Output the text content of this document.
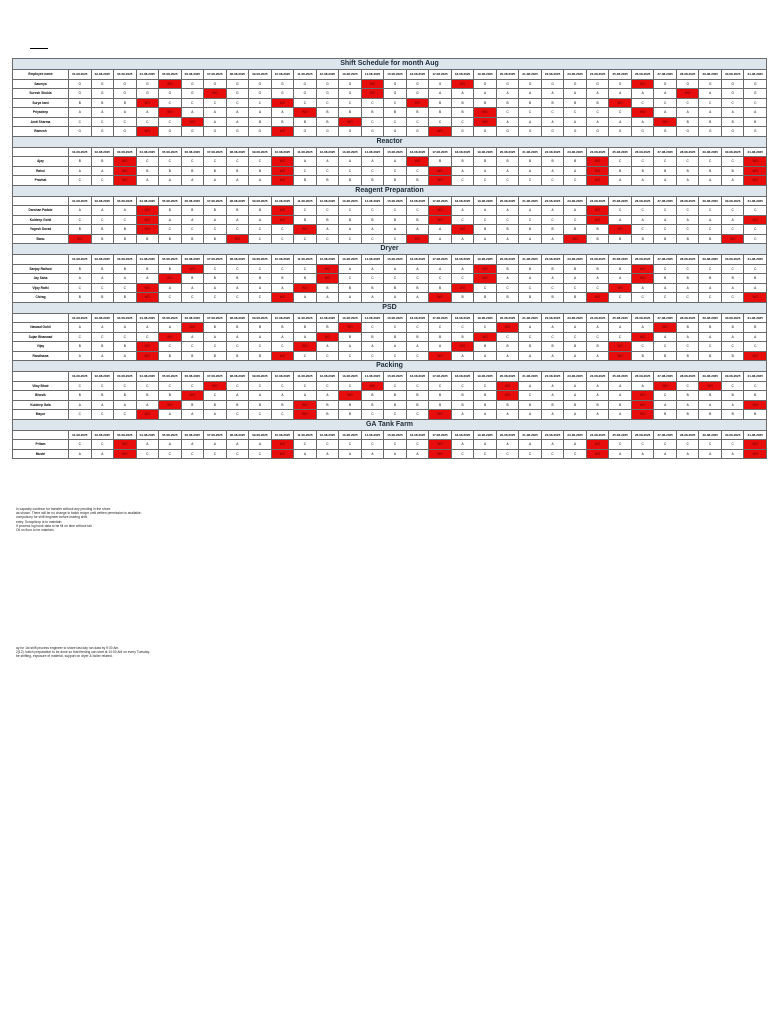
Shift Schedule for month Aug																															
Employee name	01-08-2025	02-08-2025	03-08-2025	04-08-2025	05-08-2025	06-08-2025	07-08-2025	08-08-2025	09-08-2025	10-08-2025	11-08-2025	12-08-2025	13-08-2025	14-08-2025	15-08-2025	16-08-2025	17-08-2025	18-08-2025	19-08-2025	20-08-2025	21-08-2025	22-08-2025	23-08-2025	24-08-2025	25-08-2025	26-08-2025	27-08-2025	28-08-2025	29-08-2025	30-08-2025	31-08-2025
Saumya	G	G	G	G	WO	G	G	G	G	G	G	G	G	WO	G	G	G	WO	G	G	G	G	G	G	G	WO	G	G	G	G	G
Suresh Shukla	G	G	G	G	G	G	WO	G	G	G	G	G	G	WO	G	G	A	A	A	A	A	A	A	A	A	A	A	WO	A	G	G
Surya kant	B	B	B	WO	C	C	C	C	C	WO	C	C	C	C	C	WO	B	B	B	B	B	B	B	B	WO	C	C	C	C	C	C
Priyadeep	A	A	A	A	WO	A	A	A	A	A	WO	B	B	B	B	B	B	B	WO	C	C	C	C	C	C	WO	A	A	A	A	A
Amit Sharma	C	C	C	C	C	WO	A	A	B	B	B	B	WO	C	C	C	C	C	WO	A	A	A	A	A	A	A	WO	B	B	B	B
Ramesh	G	G	G	WO	G	G	G	G	G	WO	G	G	G	G	G	G	WO	G	G	G	G	G	G	G	G	G	G	G	G	G	G
Reactor																															
	01-08-2025	02-08-2025	03-08-2025	04-08-2025	05-08-2025	06-08-2025	07-08-2025	08-08-2025	09-08-2025	10-08-2025	11-08-2025	12-08-2025	13-08-2025	14-08-2025	15-08-2025	16-08-2025	17-08-2025	18-08-2025	19-08-2025	20-08-2025	21-08-2025	22-08-2025	23-08-2025	24-08-2025	25-08-2025	26-08-2025	27-08-2025	28-08-2025	29-08-2025	30-08-2025	31-08-2025
Ajay	B	B	WO	C	C	C	C	C	C	WO	A	A	A	A	A	WO	B	B	B	B	B	B	B	WO	C	C	C	C	C	C	WO
Rahul	A	A	WO	B	B	B	B	B	B	WO	C	C	C	C	C	C	WO	A	A	A	A	A	A	WO	B	B	B	B	B	B	WO
Pravhat	C	C	WO	A	A	A	A	A	A	WO	B	B	B	B	B	B	WO	C	C	C	C	C	C	WO	A	A	A	A	A	A	WO
Reagent Preparation																															
	01-08-2025	02-08-2025	03-08-2025	04-08-2025	05-08-2025	06-08-2025	07-08-2025	08-08-2025	09-08-2025	10-08-2025	11-08-2025	12-08-2025	13-08-2025	14-08-2025	15-08-2025	16-08-2025	17-08-2025	18-08-2025	19-08-2025	20-08-2025	21-08-2025	22-08-2025	23-08-2025	24-08-2025	25-08-2025	26-08-2025	27-08-2025	28-08-2025	29-08-2025	30-08-2025	31-08-2025
Darshan Padale	A	A	A	WO	B	B	B	B	B	WO	C	C	C	C	C	C	WO	A	A	A	A	A	A	WO	C	C	C	C	C	C	C
Kuldeep Gohil	C	C	C	WO	A	A	A	A	A	WO	B	B	B	B	B	B	WO	C	C	C	C	C	C	WO	A	A	A	A	A	A	WO
Yogesh Dorad	B	B	B	WO	C	C	C	C	C	C	WO	A	A	A	A	A	A	WO	B	B	B	B	B	B	WO	C	C	C	C	C	C
Banu	WO	B	B	B	B	B	B	WO	C	C	C	C	C	C	C	WO	A	A	A	A	A	A	WO	B	B	B	B	B	B	WO	C
Dryer																															
	01-08-2025	02-08-2025	03-08-2025	04-08-2025	05-08-2025	06-08-2025	07-08-2025	08-08-2025	09-08-2025	10-08-2025	11-08-2025	12-08-2025	13-08-2025	14-08-2025	15-08-2025	16-08-2025	17-08-2025	18-08-2025	19-08-2025	20-08-2025	21-08-2025	22-08-2025	23-08-2025	24-08-2025	25-08-2025	26-08-2025	27-08-2025	28-08-2025	29-08-2025	30-08-2025	31-08-2025
Sanjay Rathod	B	B	B	B	B	WO	C	C	C	C	C	WO	A	A	A	A	A	A	WO	B	B	B	B	B	B	WO	C	C	C	C	C
Jay Saha	A	A	A	A	WO	B	B	B	B	B	B	WO	C	C	C	C	C	C	WO	A	A	A	A	A	A	WO	B	B	B	B	B
Vijay Rathi	C	C	C	WO	A	A	A	A	A	A	WO	B	B	B	B	B	B	WO	C	C	C	C	C	C	WO	A	A	A	A	A	A
Chirag	B	B	B	WO	C	C	C	C	C	WO	A	A	A	A	A	A	WO	B	B	B	B	B	B	WO	C	C	C	C	C	C	WO
PSD																															
	01-08-2025	02-08-2025	03-08-2025	04-08-2025	05-08-2025	06-08-2025	07-08-2025	08-08-2025	09-08-2025	10-08-2025	11-08-2025	12-08-2025	13-08-2025	14-08-2025	15-08-2025	16-08-2025	17-08-2025	18-08-2025	19-08-2025	20-08-2025	21-08-2025	22-08-2025	23-08-2025	24-08-2025	25-08-2025	26-08-2025	27-08-2025	28-08-2025	29-08-2025	30-08-2025	31-08-2025
Navaad Gohil	A	A	A	A	A	WO	B	B	B	B	B	B	WO	C	C	C	C	C	C	WO	A	A	A	A	A	A	WO	B	B	B	B
Sujan Bhanwad	C	C	C	C	WO	A	A	A	A	A	A	WO	B	B	B	B	B	B	WO	C	C	C	C	C	C	WO	A	A	A	A	A
Vijay	B	B	B	WO	C	C	C	C	C	C	WO	A	A	A	A	A	A	WO	B	B	B	B	B	B	WO	C	C	C	C	C	C
Randhawa	A	A	A	WO	B	B	B	B	B	WO	C	C	C	C	C	C	WO	A	A	A	A	A	A	A	WO	B	B	B	B	B	WO
Packing																															
	01-08-2025	02-08-2025	03-08-2025	04-08-2025	05-08-2025	06-08-2025	07-08-2025	08-08-2025	09-08-2025	10-08-2025	11-08-2025	12-08-2025	13-08-2025	14-08-2025	15-08-2025	16-08-2025	17-08-2025	18-08-2025	19-08-2025	20-08-2025	21-08-2025	22-08-2025	23-08-2025	24-08-2025	25-08-2025	26-08-2025	27-08-2025	28-08-2025	29-08-2025	30-08-2025	31-08-2025
Vilay Bhoir	C	C	C	C	C	C	WO	C	C	C	C	C	C	WO	C	C	C	C	C	WO	A	A	A	A	A	A	WO	C	WO	C	C
Bhosik	B	B	B	B	B	WO	C	A	A	A	A	A	WO	B	B	B	B	B	B	WO	C	A	A	A	A	WO	C	B	B	B	B
Kuldeep Gala	A	A	A	A	WO	B	B	B	B	B	WO	B	B	B	B	B	B	B	B	B	B	B	B	B	B	WO	A	A	A	A	WO
Mayur	C	C	C	WO	A	A	A	C	C	C	WO	B	B	C	C	C	WO	A	A	A	A	A	A	A	A	WO	B	B	B	B	B
GA Tank Farm																															
	01-08-2025	02-08-2025	03-08-2025	04-08-2025	05-08-2025	06-08-2025	07-08-2025	08-08-2025	09-08-2025	10-08-2025	11-08-2025	12-08-2025	13-08-2025	14-08-2025	15-08-2025	16-08-2025	17-08-2025	18-08-2025	19-08-2025	20-08-2025	21-08-2025	22-08-2025	23-08-2025	24-08-2025	25-08-2025	26-08-2025	27-08-2025	28-08-2025	29-08-2025	30-08-2025	31-08-2025
Pritam	C	C	WO	A	A	A	A	A	A	WO	C	C	C	C	C	C	WO	A	A	A	A	A	A	WO	C	C	C	C	C	C	WO
Mustri	A	A	WO	C	C	C	C	C	C	WO	A	A	A	A	A	A	WO	C	C	C	C	C	C	WO	A	A	A	A	A	A	WO
In capacity continue for transfer without any pending in the shore.
as shown. There will be no change in batch recipe until written permission is available.
compulsory for shift engineer before leaving shift.
entry. Scrap/drop is to maintain.
If process log book data to be fill on time without fail.
Oil on floor to be maintain.
ay for 1st shift process engineer to share last day run data by 9:30 Am.
2(12). batch preparation to be done so that feeding can start at 10:00 AM on every Tuesday.
be shifting, exposure of material, support on dryer & boiler related.
